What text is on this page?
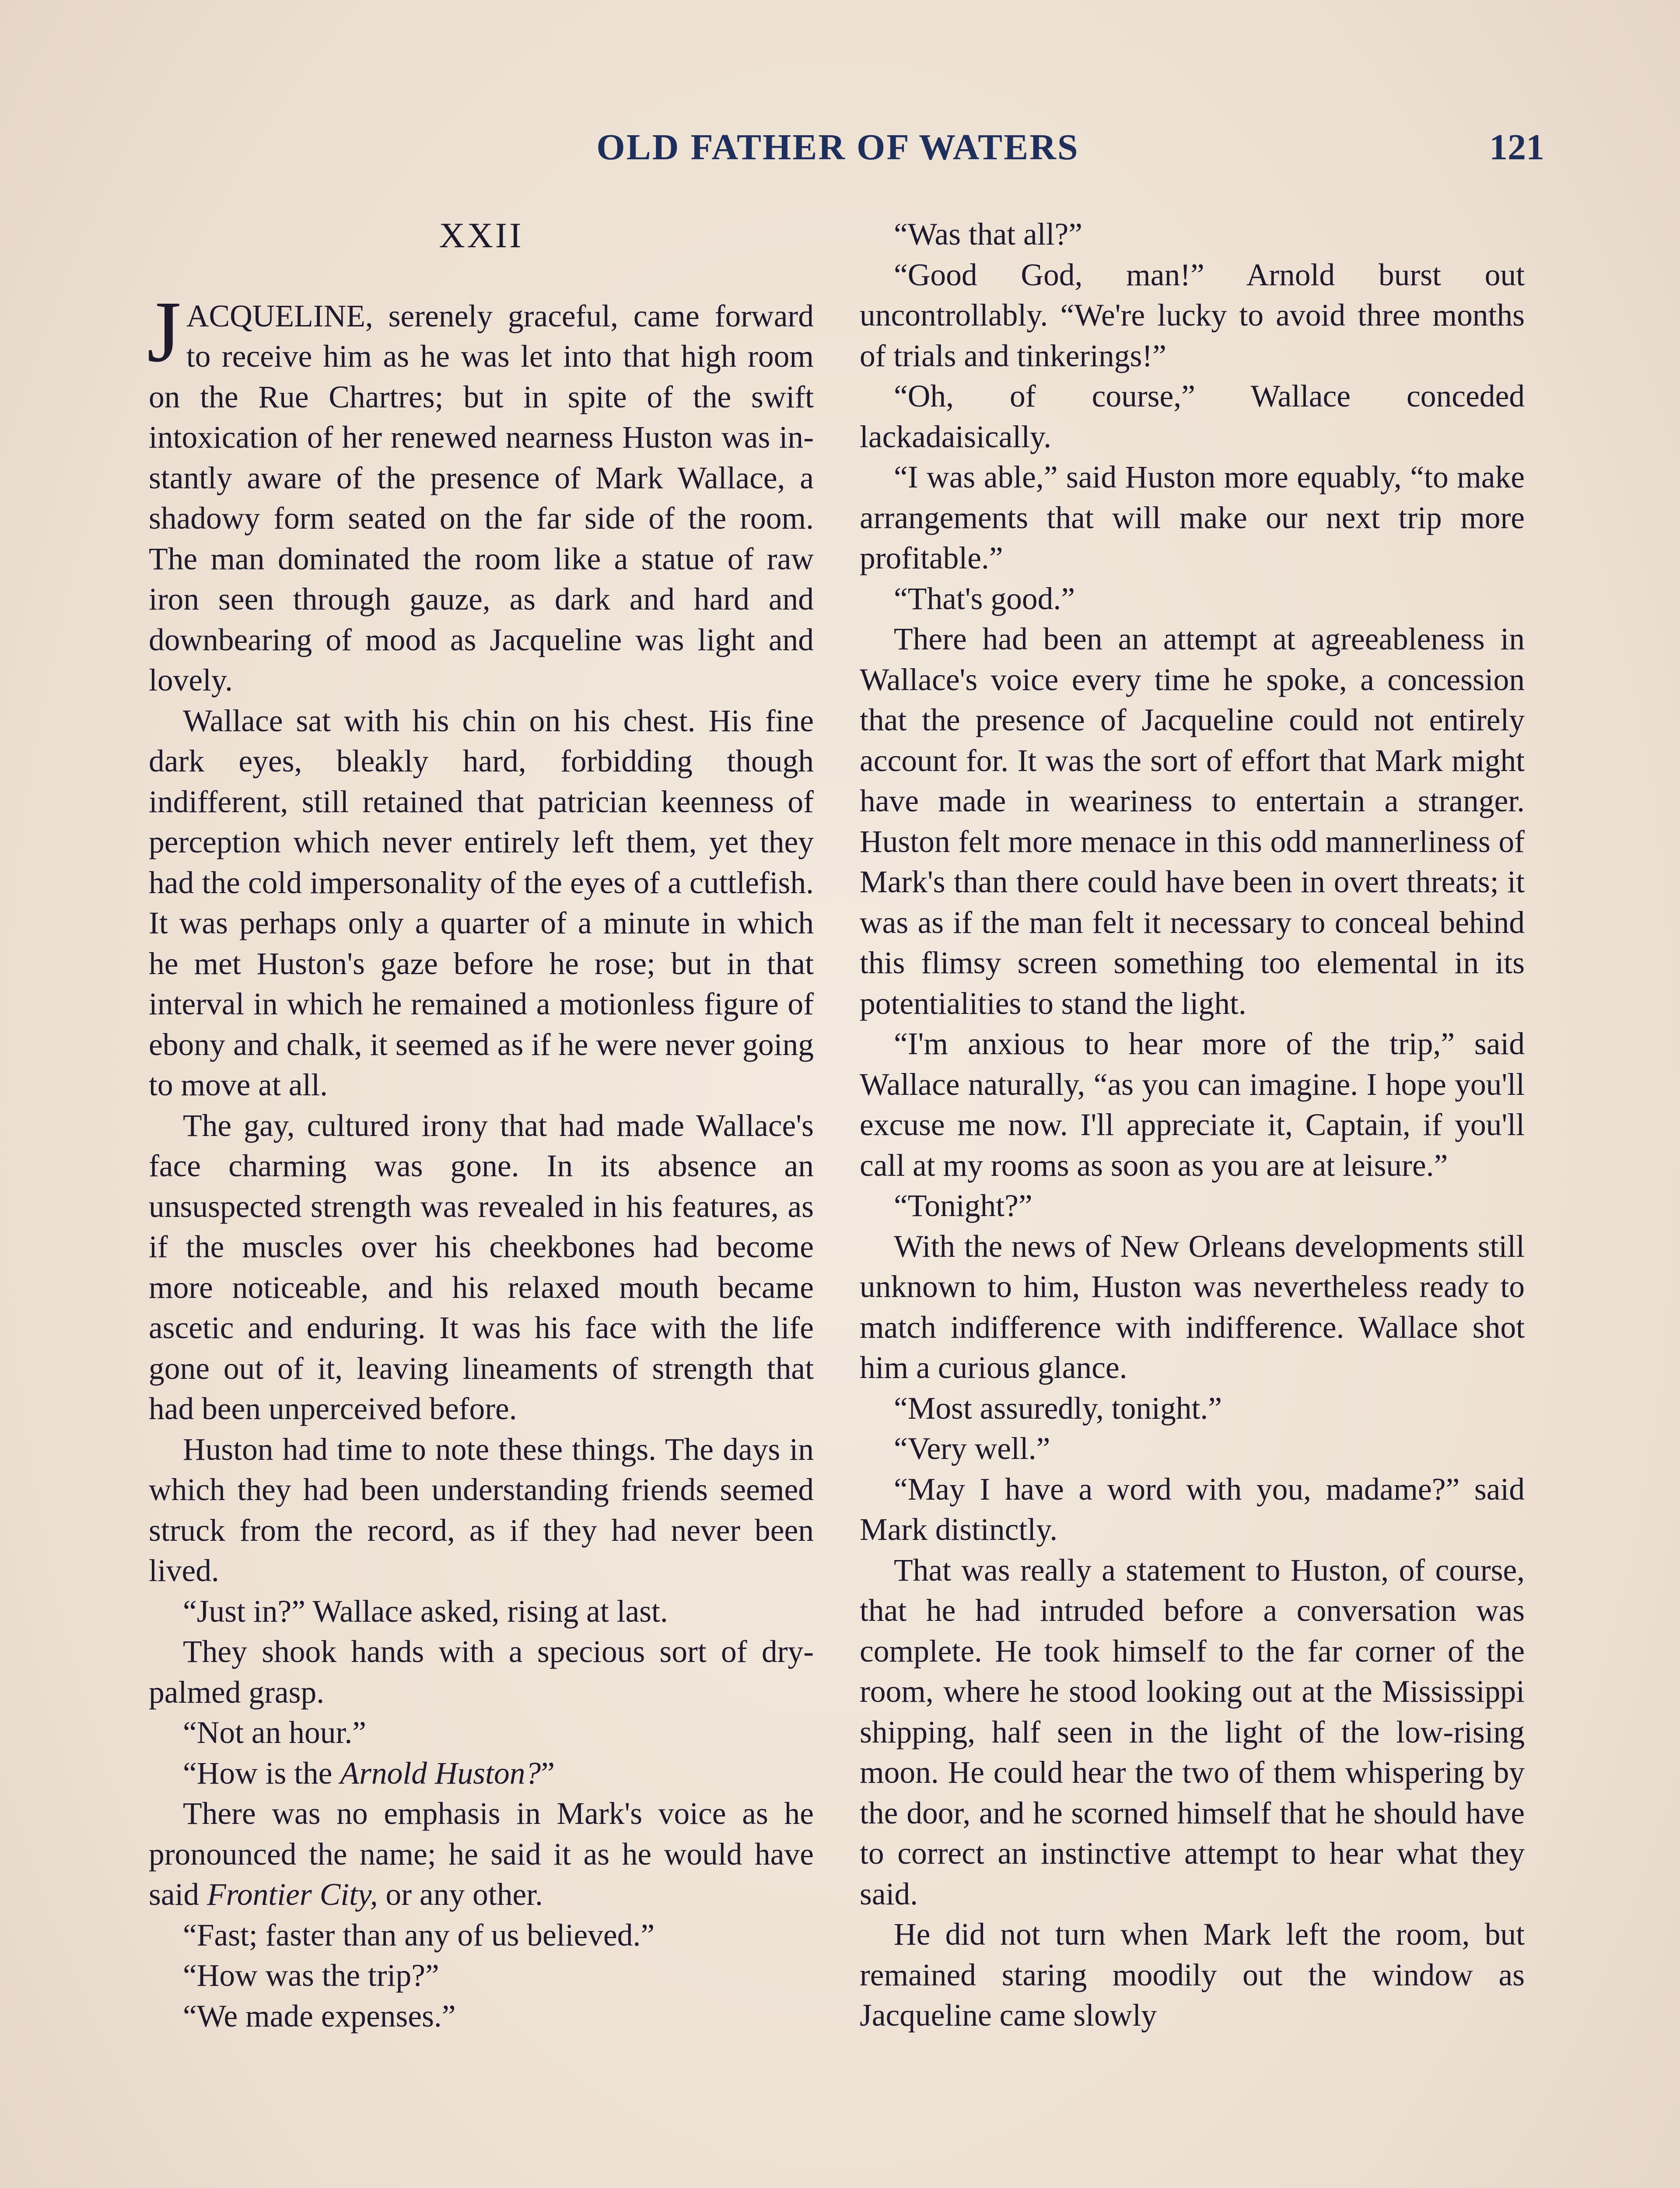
OLD FATHER OF WATERS	121

XXII

JACQUELINE, serenely graceful, came forward to receive him as he was let into that high room on the Rue Chartres; but in spite of the swift intoxication of her renewed nearness Huston was instantly aware of the presence of Mark Wallace, a shadowy form seated on the far side of the room. The man dominated the room like a statue of raw iron seen through gauze, as dark and hard and downbearing of mood as Jacqueline was light and lovely.

Wallace sat with his chin on his chest. His fine dark eyes, bleakly hard, forbidding though indifferent, still retained that patrician keenness of perception which never entirely left them, yet they had the cold impersonality of the eyes of a cuttlefish. It was perhaps only a quarter of a minute in which he met Huston's gaze before he rose; but in that interval in which he remained a motionless figure of ebony and chalk, it seemed as if he were never going to move at all.

The gay, cultured irony that had made Wallace's face charming was gone. In its absence an unsuspected strength was revealed in his features, as if the muscles over his cheekbones had become more noticeable, and his relaxed mouth became ascetic and enduring. It was his face with the life gone out of it, leaving lineaments of strength that had been unperceived before.

Huston had time to note these things. The days in which they had been understanding friends seemed struck from the record, as if they had never been lived.

“Just in?” Wallace asked, rising at last.

They shook hands with a specious sort of dry-palmed grasp.

“Not an hour.”

“How is the Arnold Huston?”

There was no emphasis in Mark's voice as he pronounced the name; he said it as he would have said Frontier City, or any other.

“Fast; faster than any of us believed.”

“How was the trip?”

“We made expenses.”

“Was that all?”

“Good God, man!” Arnold burst out uncontrollably. “We're lucky to avoid three months of trials and tinkerings!”

“Oh, of course,” Wallace conceded lackadaisically.

“I was able,” said Huston more equably, “to make arrangements that will make our next trip more profitable.”

“That's good.”

There had been an attempt at agreeableness in Wallace's voice every time he spoke, a concession that the presence of Jacqueline could not entirely account for. It was the sort of effort that Mark might have made in weariness to entertain a stranger. Huston felt more menace in this odd mannerliness of Mark's than there could have been in overt threats; it was as if the man felt it necessary to conceal behind this flimsy screen something too elemental in its potentialities to stand the light.

“I'm anxious to hear more of the trip,” said Wallace naturally, “as you can imagine. I hope you'll excuse me now. I'll appreciate it, Captain, if you'll call at my rooms as soon as you are at leisure.”

“Tonight?”

With the news of New Orleans developments still unknown to him, Huston was nevertheless ready to match indifference with indifference. Wallace shot him a curious glance.

“Most assuredly, tonight.”

“Very well.”

“May I have a word with you, madame?” said Mark distinctly.

That was really a statement to Huston, of course, that he had intruded before a conversation was complete. He took himself to the far corner of the room, where he stood looking out at the Mississippi shipping, half seen in the light of the low-rising moon. He could hear the two of them whispering by the door, and he scorned himself that he should have to correct an instinctive attempt to hear what they said.

He did not turn when Mark left the room, but remained staring moodily out the window as Jacqueline came slowly
